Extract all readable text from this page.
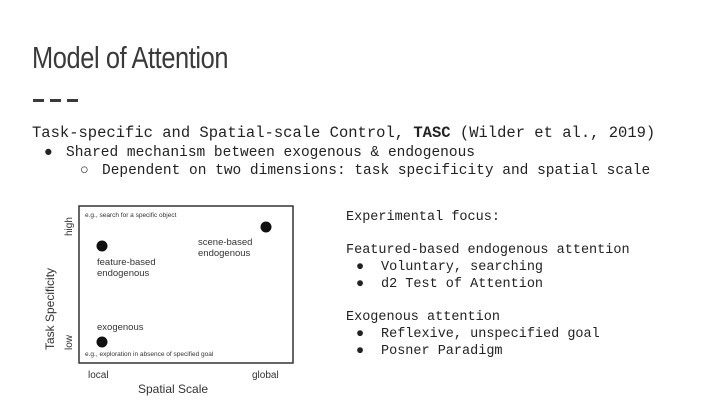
Model of Attention
Task-specific and Spatial-scale Control, TASC (Wilder et al., 2019)
● Shared mechanism between exogenous & endogenous
○ Dependent on two dimensions: task specificity and spatial scale
high
low
Task Specificity
local	global
Spatial Scale
e.g., search for a specific object
e.g., exploration in absence of specified goal
feature-based
endogenous
scene-based
endogenous
exogenous
Experimental focus:
Featured-based endogenous attention
● Voluntary, searching
● d2 Test of Attention
Exogenous attention
● Reflexive, unspecified goal
● Posner Paradigm
